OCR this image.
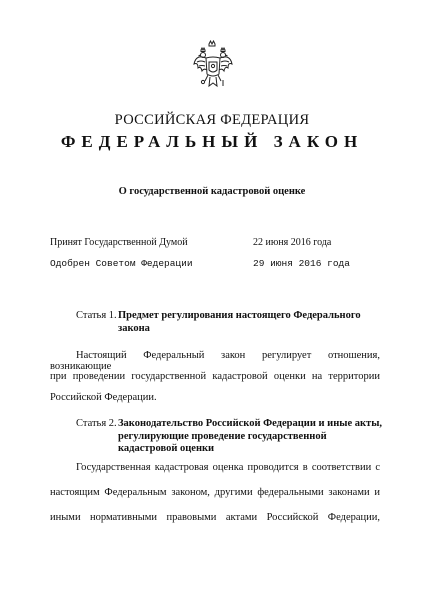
РОССИЙСКАЯ ФЕДЕРАЦИЯ
ФЕДЕРАЛЬНЫЙ ЗАКОН
О государственной кадастровой оценке
Принят Государственной Думой	22 июня 2016 года
Одобрен Советом Федерации	29 июня 2016 года
Статья 1. Предмет регулирования настоящего Федерального
закона
Настоящий Федеральный закон регулирует отношения, возникающие
при проведении государственной кадастровой оценки на территории
Российской Федерации.
Статья 2. Законодательство Российской Федерации и иные акты,
регулирующие проведение государственной
кадастровой оценки
Государственная кадастровая оценка проводится в соответствии с
настоящим Федеральным законом, другими федеральными законами и
иными нормативными правовыми актами Российской Федерации,
